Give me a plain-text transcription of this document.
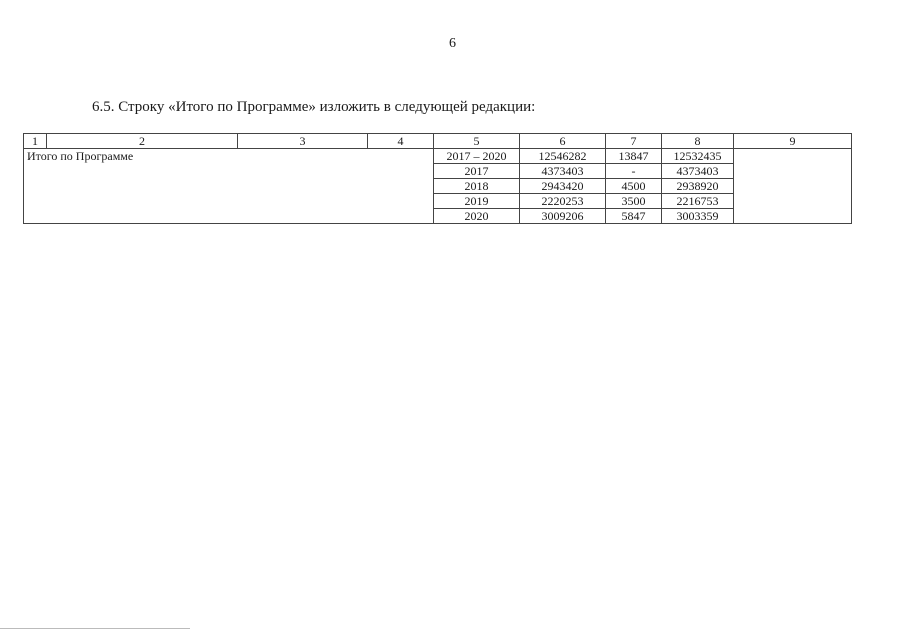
6
6.5. Строку «Итого по Программе» изложить в следующей редакции:
1	2	3	4	5	6	7	8	9
Итого по Программе				2017 – 2020	12546282	13847	12532435	
				2017	4373403	-	4373403	
				2018	2943420	4500	2938920	
				2019	2220253	3500	2216753	
				2020	3009206	5847	3003359	
